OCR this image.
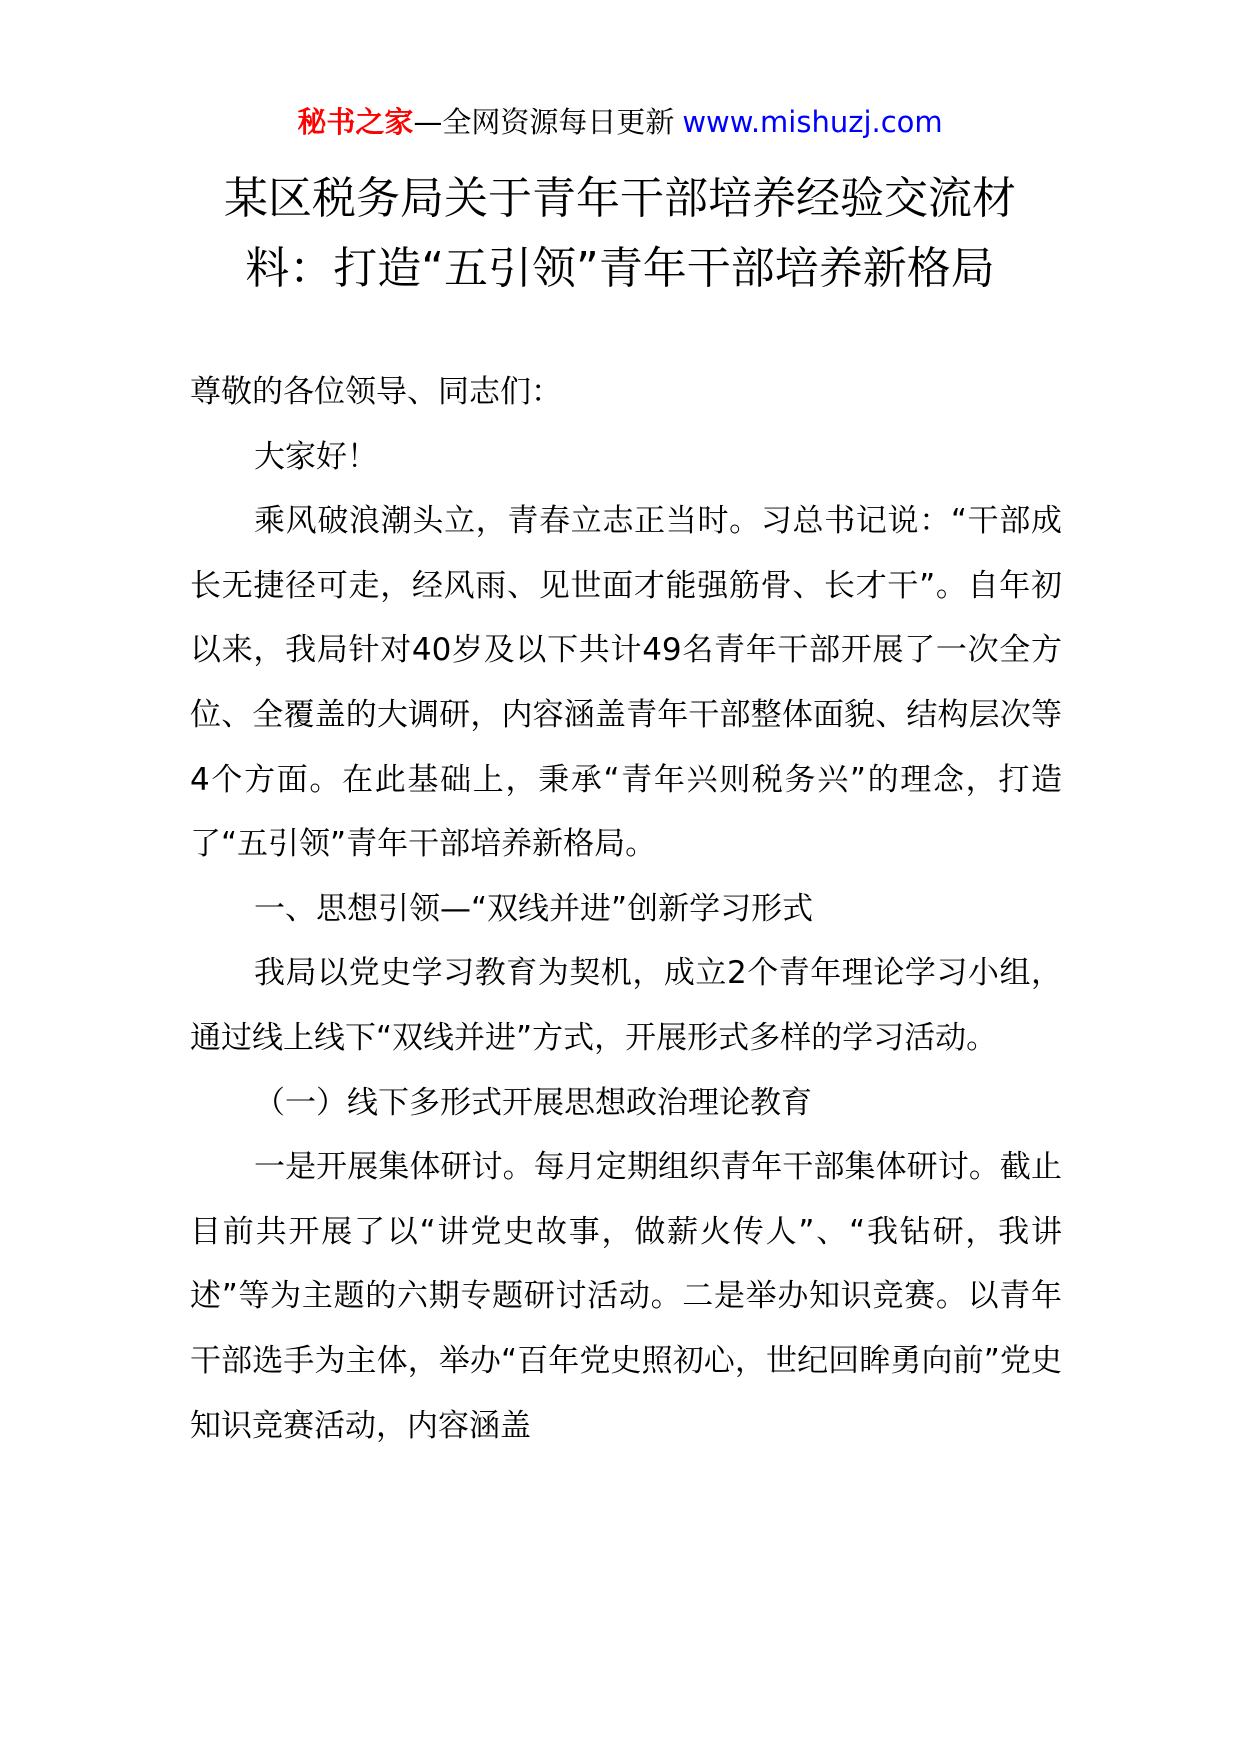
秘书之家—全网资源每日更新 www.mishuzj.com
某区税务局关于青年干部培养经验交流材
料：打造“五引领”青年干部培养新格局

尊敬的各位领导、同志们：

大家好！

乘风破浪潮头立，青春立志正当时。习总书记说：“干部成长无捷径可走，经风雨、见世面才能强筋骨、长才干”。自年初以来，我局针对40岁及以下共计49名青年干部开展了一次全方位、全覆盖的大调研，内容涵盖青年干部整体面貌、结构层次等4个方面。在此基础上，秉承“青年兴则税务兴”的理念，打造了“五引领”青年干部培养新格局。

一、思想引领—“双线并进”创新学习形式

我局以党史学习教育为契机，成立2个青年理论学习小组，通过线上线下“双线并进”方式，开展形式多样的学习活动。

（一）线下多形式开展思想政治理论教育

一是开展集体研讨。每月定期组织青年干部集体研讨。截止目前共开展了以“讲党史故事，做薪火传人”、“我钻研，我讲述”等为主题的六期专题研讨活动。二是举办知识竞赛。以青年干部选手为主体，举办“百年党史照初心，世纪回眸勇向前”党史知识竞赛活动，内容涵盖
